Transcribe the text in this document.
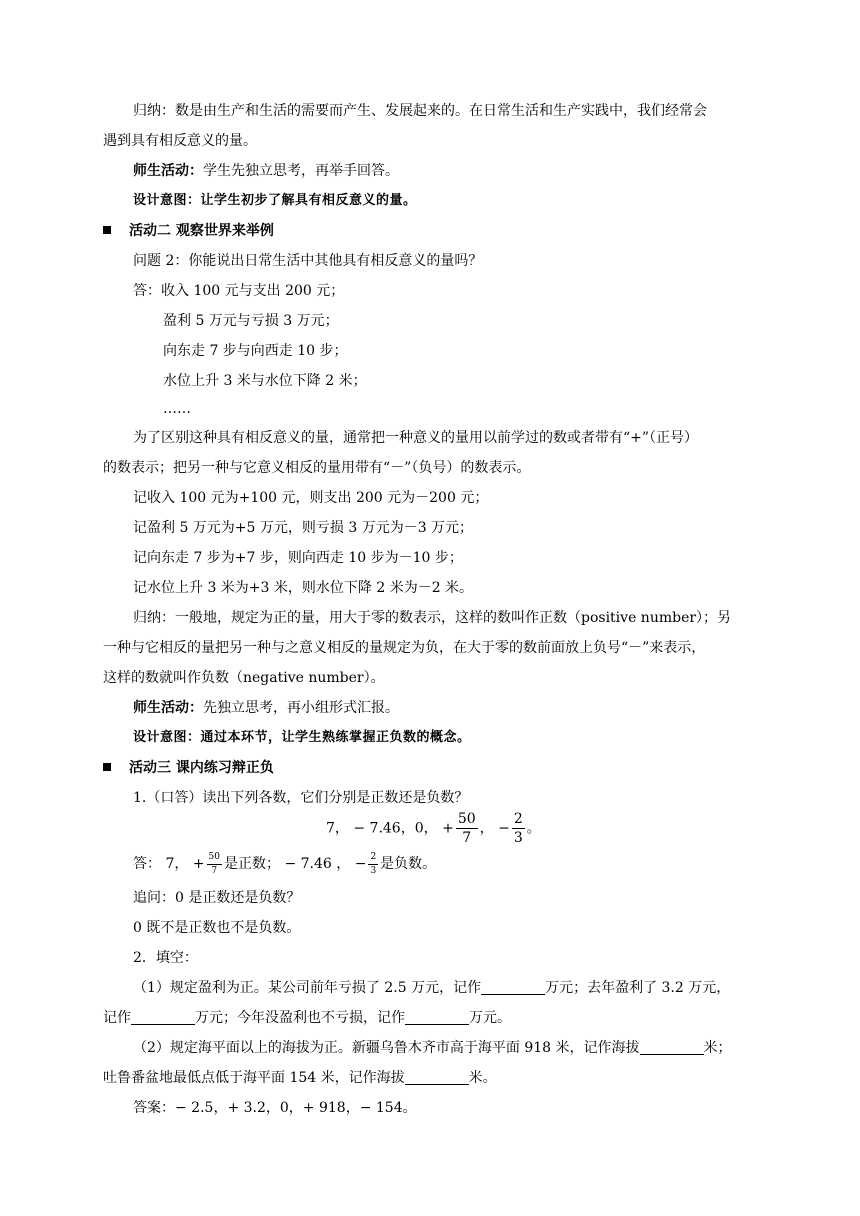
归纳：数是由生产和生活的需要而产生、发展起来的。在日常生活和生产实践中，我们经常会
遇到具有相反意义的量。
师生活动：学生先独立思考，再举手回答。
设计意图：让学生初步了解具有相反意义的量。
活动二 观察世界来举例
问题 2：你能说出日常生活中其他具有相反意义的量吗？
答：收入 100 元与支出 200 元；
盈利 5 万元与亏损 3 万元；
向东走 7 步与向西走 10 步；
水位上升 3 米与水位下降 2 米；
……
为了区别这种具有相反意义的量，通常把一种意义的量用以前学过的数或者带有“+”（正号）
的数表示；把另一种与它意义相反的量用带有“－”（负号）的数表示。
记收入 100 元为+100 元，则支出 200 元为－200 元；
记盈利 5 万元为+5 万元，则亏损 3 万元为－3 万元；
记向东走 7 步为+7 步，则向西走 10 步为－10 步；
记水位上升 3 米为+3 米，则水位下降 2 米为－2 米。
归纳：一般地，规定为正的量，用大于零的数表示，这样的数叫作正数（positive number）；另
一种与它相反的量把另一种与之意义相反的量规定为负，在大于零的数前面放上负号“－”来表示，
这样的数就叫作负数（negative number）。
师生活动：先独立思考，再小组形式汇报。
设计意图：通过本环节，让学生熟练掌握正负数的概念。
活动三 课内练习辩正负
1.（口答）读出下列各数，它们分别是正数还是负数？
7， − 7.46，0， + $\frac{50}{7}$ ， − $\frac{2}{3}$ 。
答： 7， + $\frac{50}{7}$ 是正数； − 7.46 ， − $\frac{2}{3}$ 是负数。
追问：0 是正数还是负数？
0 既不是正数也不是负数。
2．填空：
（1）规定盈利为正。某公司前年亏损了 2.5 万元，记作	万元；去年盈利了 3.2 万元，
记作	万元；今年没盈利也不亏损，记作	万元。
（2）规定海平面以上的海拔为正。新疆乌鲁木齐市高于海平面 918 米，记作海拔	米；
吐鲁番盆地最低点低于海平面 154 米，记作海拔	米。
答案：− 2.5，+ 3.2，0，+ 918，− 154。
